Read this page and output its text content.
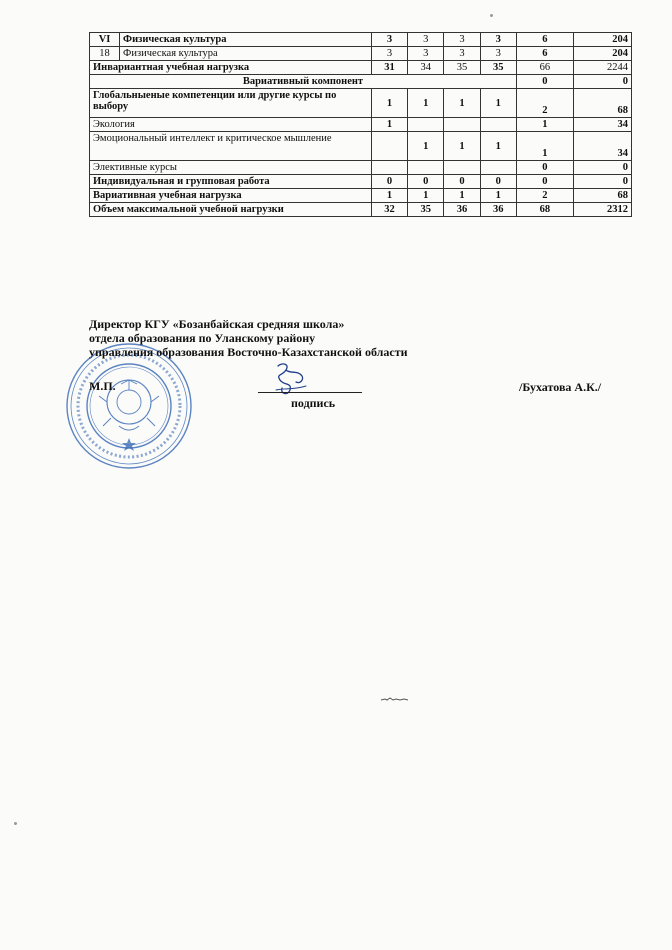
VI	Физическая культура	3	3	3	3	6	204
18	Физическая культура	3	3	3	3	6	204
Инвариантная учебная нагрузка		31	34	35	35	66	2244
Вариативный компонент						0	0
Глобальныеные компетенции или другие курсы по выбору		1	1	1	1	2	68
Экология		1				1	34
Эмоциональный интеллект и критическое мышление			1	1	1	1	34
Элективные курсы						0	0
Индивидуальная и групповая работа		0	0	0	0	0	0
Вариативная учебная нагрузка		1	1	1	1	2	68
Объем максимальной учебной нагрузки		32	35	36	36	68	2312
Директор КГУ «Бозанбайская средняя школа»
отдела образования по Уланскому району
управления образования Восточно-Казахстанской области
М.П.
подпись
/Бухатова А.К./
